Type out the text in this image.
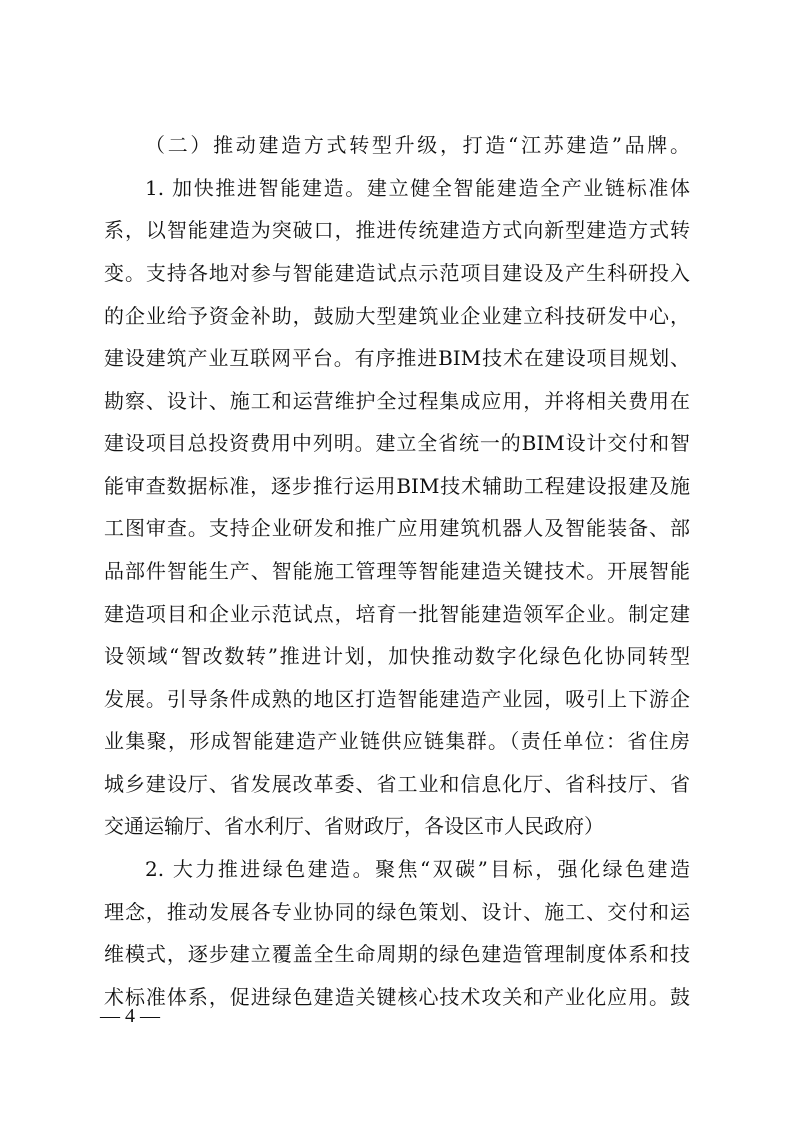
（二）推动建造方式转型升级，打造“江苏建造”品牌。
1. 加快推进智能建造。建立健全智能建造全产业链标准体
系，以智能建造为突破口，推进传统建造方式向新型建造方式转
变。支持各地对参与智能建造试点示范项目建设及产生科研投入
的企业给予资金补助，鼓励大型建筑业企业建立科技研发中心，
建设建筑产业互联网平台。有序推进BIM技术在建设项目规划、
勘察、设计、施工和运营维护全过程集成应用，并将相关费用在
建设项目总投资费用中列明。建立全省统一的BIM设计交付和智
能审查数据标准，逐步推行运用BIM技术辅助工程建设报建及施
工图审查。支持企业研发和推广应用建筑机器人及智能装备、部
品部件智能生产、智能施工管理等智能建造关键技术。开展智能
建造项目和企业示范试点，培育一批智能建造领军企业。制定建
设领域“智改数转”推进计划，加快推动数字化绿色化协同转型
发展。引导条件成熟的地区打造智能建造产业园，吸引上下游企
业集聚，形成智能建造产业链供应链集群。（责任单位：省住房
城乡建设厅、省发展改革委、省工业和信息化厅、省科技厅、省
交通运输厅、省水利厅、省财政厅，各设区市人民政府）
2. 大力推进绿色建造。聚焦“双碳”目标，强化绿色建造
理念，推动发展各专业协同的绿色策划、设计、施工、交付和运
维模式，逐步建立覆盖全生命周期的绿色建造管理制度体系和技
术标准体系，促进绿色建造关键核心技术攻关和产业化应用。鼓
— 4 —
